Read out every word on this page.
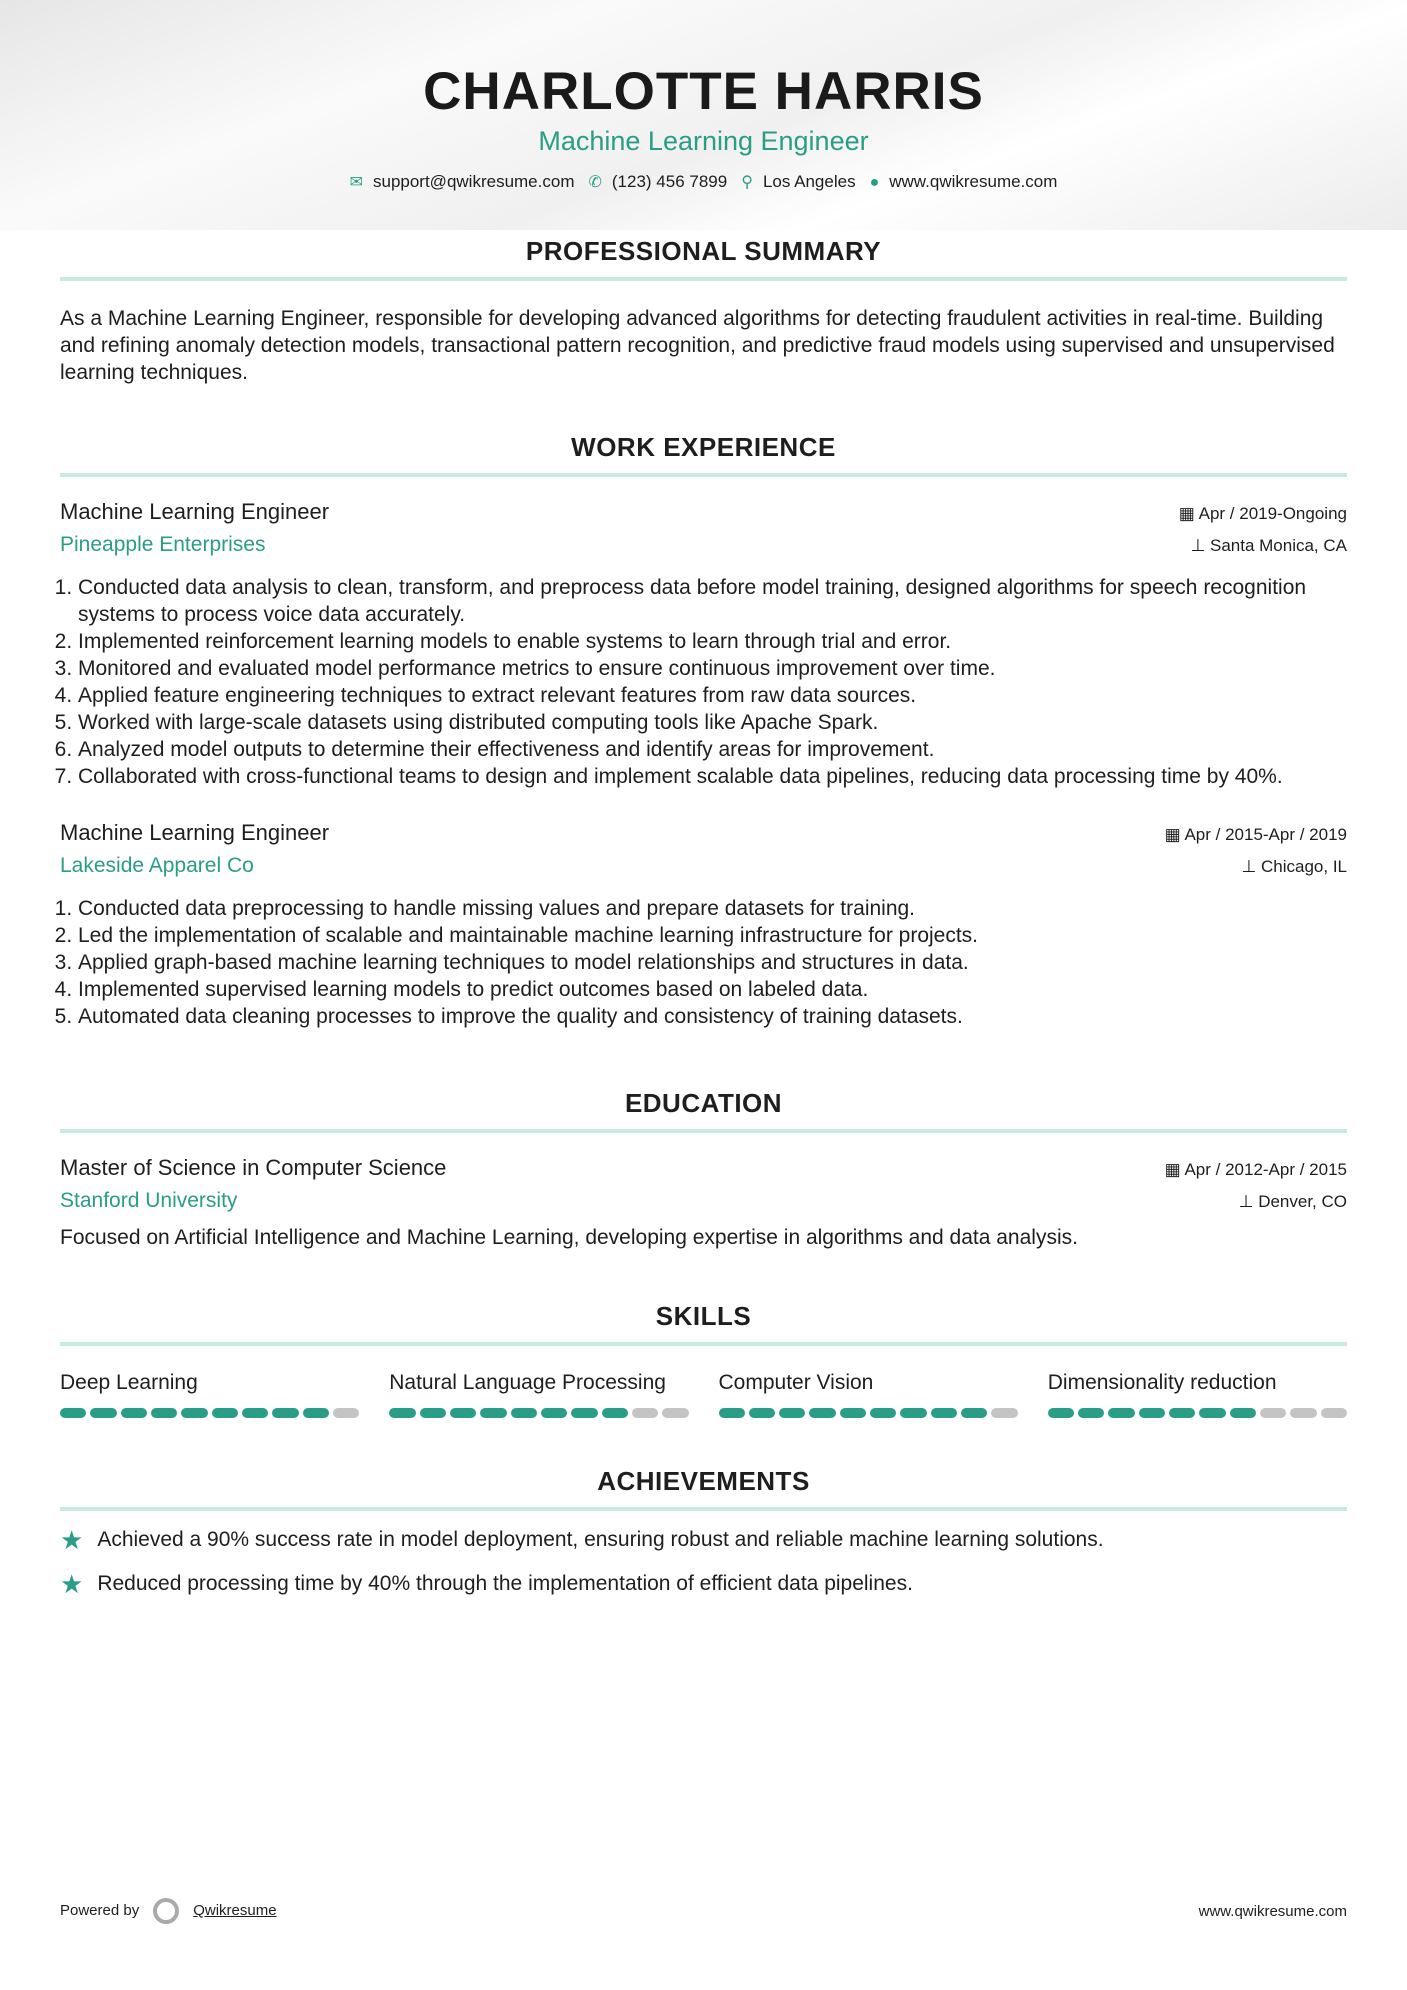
CHARLOTTE HARRIS
Machine Learning Engineer
✉ support@qwikresume.com ✆ (123) 456 7899 ⚲ Los Angeles ● www.qwikresume.com
PROFESSIONAL SUMMARY

As a Machine Learning Engineer, responsible for developing advanced algorithms for detecting fraudulent activities in real-time. Building and refining anomaly detection models, transactional pattern recognition, and predictive fraud models using supervised and unsupervised learning techniques.

WORK EXPERIENCE
Machine Learning Engineer	▦ Apr / 2019-Ongoing
Pineapple Enterprises	⊥ Santa Monica, CA
1. Conducted data analysis to clean, transform, and preprocess data before model training, designed algorithms for speech recognition systems to process voice data accurately.
2. Implemented reinforcement learning models to enable systems to learn through trial and error.
3. Monitored and evaluated model performance metrics to ensure continuous improvement over time.
4. Applied feature engineering techniques to extract relevant features from raw data sources.
5. Worked with large-scale datasets using distributed computing tools like Apache Spark.
6. Analyzed model outputs to determine their effectiveness and identify areas for improvement.
7. Collaborated with cross-functional teams to design and implement scalable data pipelines, reducing data processing time by 40%.
Machine Learning Engineer	▦ Apr / 2015-Apr / 2019
Lakeside Apparel Co	⊥ Chicago, IL
1. Conducted data preprocessing to handle missing values and prepare datasets for training.
2. Led the implementation of scalable and maintainable machine learning infrastructure for projects.
3. Applied graph-based machine learning techniques to model relationships and structures in data.
4. Implemented supervised learning models to predict outcomes based on labeled data.
5. Automated data cleaning processes to improve the quality and consistency of training datasets.
EDUCATION
Master of Science in Computer Science	▦ Apr / 2012-Apr / 2015
Stanford University	⊥ Denver, CO

Focused on Artificial Intelligence and Machine Learning, developing expertise in algorithms and data analysis.

SKILLS
Deep Learning	Natural Language Processing	Computer Vision	Dimensionality reduction
ACHIEVEMENTS
★ Achieved a 90% success rate in model deployment, ensuring robust and reliable machine learning solutions.
★ Reduced processing time by 40% through the implementation of efficient data pipelines.
Powered by	Qwikresume	www.qwikresume.com
